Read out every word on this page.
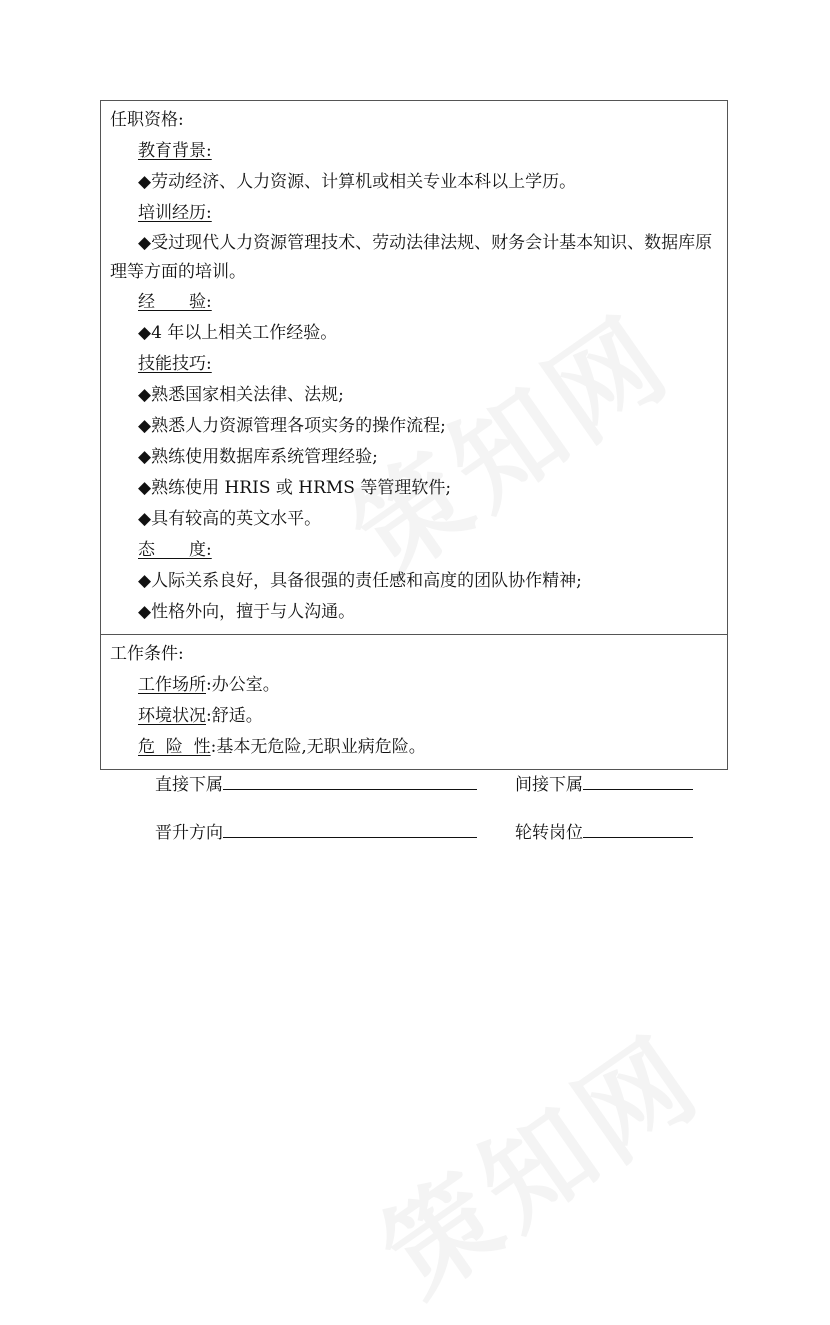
任职资格:
教育背景:
◆劳动经济、人力资源、计算机或相关专业本科以上学历。
培训经历:
◆受过现代人力资源管理技术、劳动法律法规、财务会计基本知识、数据库原理等方面的培训。
经　　验:
◆4 年以上相关工作经验。
技能技巧:
◆熟悉国家相关法律、法规;
◆熟悉人力资源管理各项实务的操作流程;
◆熟练使用数据库系统管理经验;
◆熟练使用 HRIS 或 HRMS 等管理软件;
◆具有较高的英文水平。
态　　度:
◆人际关系良好，具备很强的责任感和高度的团队协作精神;
◆性格外向，擅于与人沟通。

工作条件:
工作场所:办公室。
环境状况:舒适。
危  险  性:基本无危险,无职业病危险。
直接下属	间接下属
晋升方向	轮转岗位
